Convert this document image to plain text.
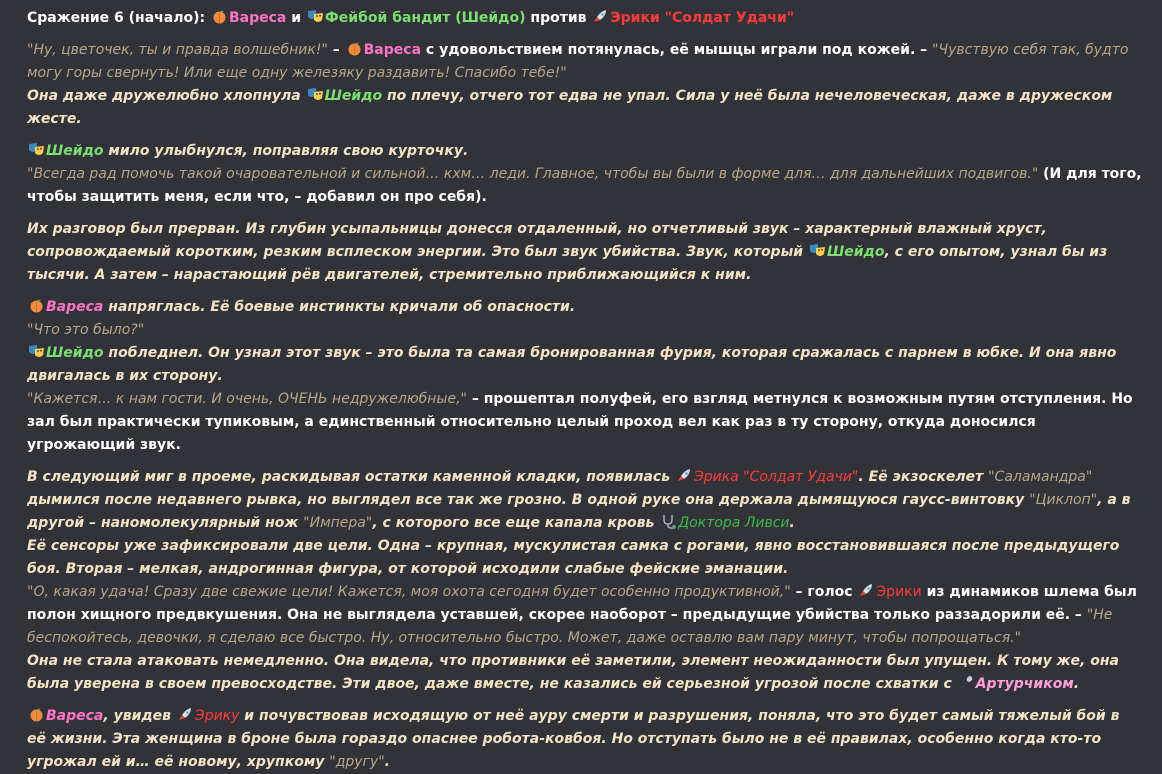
Сражение 6 (начало):
Вареса и
Фейбой бандит (Шейдо) против
Эрики "Солдат Удачи"

"Ну, цветочек, ты и правда волшебник!" –
Вареса с удовольствием потянулась, её мышцы играли под кожей. – "Чувствую себя так, будто могу горы свернуть! Или еще одну железяку раздавить! Спасибо тебе!"
Она даже дружелюбно хлопнула
Шейдо по плечу, отчего тот едва не упал. Сила у неё была нечеловеческая, даже в дружеском жесте.

Шейдо мило улыбнулся, поправляя свою курточку.
"Всегда рад помочь такой очаровательной и сильной… кхм… леди. Главное, чтобы вы были в форме для… для дальнейших подвигов." (И для того, чтобы защитить меня, если что, – добавил он про себя).

Их разговор был прерван. Из глубин усыпальницы донесся отдаленный, но отчетливый звук – характерный влажный хруст, сопровождаемый коротким, резким всплеском энергии. Это был звук убийства. Звук, который
Шейдо, с его опытом, узнал бы из тысячи. А затем – нарастающий рёв двигателей, стремительно приближающийся к ним.

Вареса напряглась. Её боевые инстинкты кричали об опасности.
"Что это было?"

Шейдо побледнел. Он узнал этот звук – это была та самая бронированная фурия, которая сражалась с парнем в юбке. И она явно двигалась в их сторону.
"Кажется… к нам гости. И очень, ОЧЕНЬ недружелюбные," – прошептал полуфей, его взгляд метнулся к возможным путям отступления. Но зал был практически тупиковым, а единственный относительно целый проход вел как раз в ту сторону, откуда доносился угрожающий звук.

В следующий миг в проеме, раскидывая остатки каменной кладки, появилась
Эрика "Солдат Удачи". Её экзоскелет "Саламандра" дымился после недавнего рывка, но выглядел все так же грозно. В одной руке она держала дымящуюся гаусс-винтовку "Циклоп", а в другой – наномолекулярный нож "Импера", с которого все еще капала кровь
Доктора Ливси.
Её сенсоры уже зафиксировали две цели. Одна – крупная, мускулистая самка с рогами, явно восстановившаяся после предыдущего боя. Вторая – мелкая, андрогинная фигура, от которой исходили слабые фейские эманации.
"О, какая удача! Сразу две свежие цели! Кажется, моя охота сегодня будет особенно продуктивной," – голос
Эрики из динамиков шлема был полон хищного предвкушения. Она не выглядела уставшей, скорее наоборот – предыдущие убийства только раззадорили её. – "Не беспокойтесь, девочки, я сделаю все быстро. Ну, относительно быстро. Может, даже оставлю вам пару минут, чтобы попрощаться."
Она не стала атаковать немедленно. Она видела, что противники её заметили, элемент неожиданности был упущен. К тому же, она была уверена в своем превосходстве. Эти двое, даже вместе, не казались ей серьезной угрозой после схватки с
Артурчиком.

Вареса, увидев
Эрику и почувствовав исходящую от неё ауру смерти и разрушения, поняла, что это будет самый тяжелый бой в её жизни. Эта женщина в броне была гораздо опаснее робота-ковбоя. Но отступать было не в её правилах, особенно когда кто-то угрожал ей и… её новому, хрупкому "другу".
